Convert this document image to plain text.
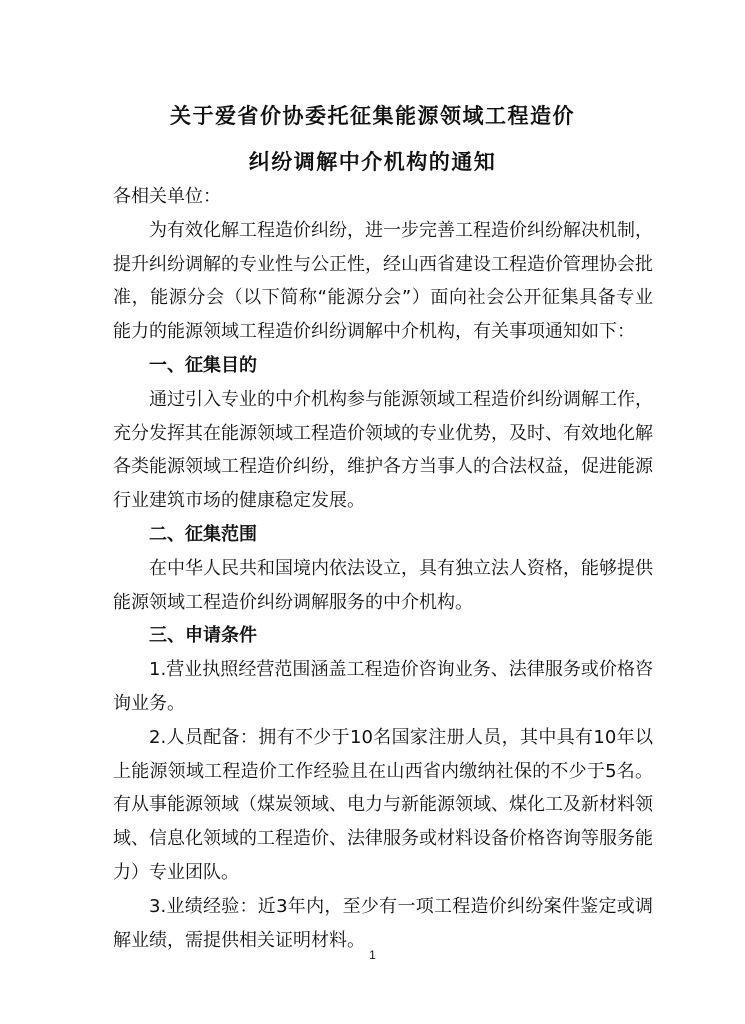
关于爱省价协委托征集能源领域工程造价
纠纷调解中介机构的通知

各相关单位：

为有效化解工程造价纠纷，进一步完善工程造价纠纷解决机制，提升纠纷调解的专业性与公正性，经山西省建设工程造价管理协会批准，能源分会（以下简称“能源分会”）面向社会公开征集具备专业能力的能源领域工程造价纠纷调解中介机构，有关事项通知如下：

一、征集目的

通过引入专业的中介机构参与能源领域工程造价纠纷调解工作，充分发挥其在能源领域工程造价领域的专业优势，及时、有效地化解各类能源领域工程造价纠纷，维护各方当事人的合法权益，促进能源行业建筑市场的健康稳定发展。

二、征集范围

在中华人民共和国境内依法设立，具有独立法人资格，能够提供能源领域工程造价纠纷调解服务的中介机构。

三、申请条件

1.营业执照经营范围涵盖工程造价咨询业务、法律服务或价格咨询业务。

2.人员配备：拥有不少于10名国家注册人员，其中具有10年以上能源领域工程造价工作经验且在山西省内缴纳社保的不少于5名。有从事能源领域（煤炭领域、电力与新能源领域、煤化工及新材料领域、信息化领域的工程造价、法律服务或材料设备价格咨询等服务能力）专业团队。

3.业绩经验：近3年内，至少有一项工程造价纠纷案件鉴定或调解业绩，需提供相关证明材料。

1
